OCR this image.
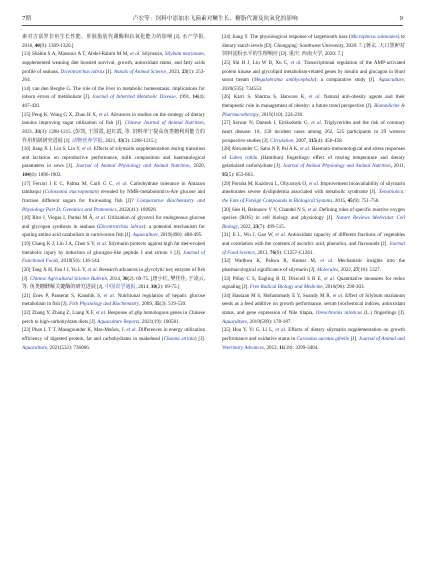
7期	卢宏等：饲料中添加水飞蓟素对鳜生长、糖脂代谢及抗氧化的影响	9

素对吉富罗非鱼生长性能、肝脏脂肪代谢酶和抗氧化能力的影响 [J]. 水产学报, 2016, 40(9): 1309-1320.]

[13] Shahin S A, Mansour A T, Abdel-Rahim M M, et al. Silymarin, Silybum marianum, supplemented weaning diet boosted survival, growth, antioxidant status, and fatty acids profile of seabass, Dicentrarchus labrax [J]. Annals of Animal Science, 2023, 23(1): 253-264.

[14] van den Berghe G. The role of the liver in metabolic homeostasis: implications for inborn errors of metabolism [J]. Journal of Inherited Metabolic Disease, 1991, 14(4): 407-420.

[15] Peng K, Wang G X, Zhao H X, et al. Advances in studies on the strategy of dietary tannins improving sugar utilization of fish [J]. Chinese Journal of Animal Nutrition, 2021, 33(3): 1208-1215. [彭凯, 王国霞, 赵红霞, 等. 饲料单宁提高鱼类糖利用能力的作用机制研究进展 [J]. 动物营养学报, 2021, 33(3): 1208-1215.]

[16] Jiang X J, Lin S, Lin Y, et al. Effects of silymarin supplementation during transition and lactation on reproductive performance, milk composition and haematological parameters in sows [J]. Journal of Animal Physiology and Animal Nutrition, 2020, 104(6): 1896-1903.

[17] Ferrari J E C, Palma M, Carli G C, et al. Carbohydrate tolerance in Amazon tambaqui (Colossoma macropomum) revealed by NMR-metabolomics-Are glucose and fructose different sugars for fruit-eating fish [J]? Comparative Biochemistry and Physiology Part D: Genomics and Proteomics, 2022(41): 100928.

[18] Rito J, Viegas I, Pardal M Â, et al. Utilization of glycerol for endogenous glucose and glycogen synthesis in seabass (Dicentrarchus labrax): a potential mechanism for sparing amino acid catabolism in carnivorous fish [J]. Aquaculture, 2019(498): 488-495.

[19] Chang K J, Lin J A, Chen S Y, et al. Silymarin protects against high fat diet-evoked metabolic injury by induction of glucagon-like peptide 1 and sirtuin 1 [J]. Journal of Functional Foods, 2019(56): 136-144.

[20] Tang X H, Fan J J, Yu L Y, et al. Research advances in glycolytic key enzyme of fish [J]. Chinese Agricultural Science Bulletin, 2014, 30(2): 69-75. [唐小红, 樊佳佳, 于凌云, 等. 鱼类糖酵解关键酶的研究进展 [J]. 中国农学通报, 2014, 30(2): 69-75.]

[21] Enes P, Panserat S, Kaushik S, et al. Nutritional regulation of hepatic glucose metabolism in fish [J]. Fish Physiology and Biochemistry, 2009, 35(3): 519-539.

[22] Zhang Y, Zhang Z, Liang X F, et al. Response of g6p homologous genes in Chinese perch to high-carbohydrate diets [J]. Aquaculture Reports, 2021(19): 100581.

[23] Phan L T T, Masagounder K, Mas-Muñoz, J, et al. Differences in energy utilization efficiency of digested protein, fat and carbohydrates in snakehead (Channa striata) [J]. Aquaculture, 2021(532): 736066.

[24] Jiang Y. The physiological response of largemouth bass (Micropterus salmoides) to dietary starch levels [D]. Chongqing: Southwest University, 2020: 7. [蒋玄. 大口黑鲈对饲料淀粉水平的生理响应 [D]. 重庆: 西南大学, 2020: 7.]

[25] Shi H J, Liu W B, Xu C, et al. Transcriptional regulation of the AMP-activated protein kinase and glycolipid metabolism-related genes by insulin and glucagon in blunt snout bream (Megalobrama amblycephala): a comparative study [J]. Aquaculture, 2020(535): 734553.

[26] Karri S, Sharma S, Hatware K, et al. Natural anti-obesity agents and their therapeutic role in management of obesity: a future trend perspective [J]. Biomedicine & Pharmacotherapy, 2019(110): 224-238.

[27] Sarwar N, Danesh J, Eiriksdottir G, et al. Triglycerides and the risk of coronary heart disease: 10, 158 incident cases among 262, 525 participants in 29 western prospective studies [J]. Circulation, 2007, 115(4): 450-458.

[28] Alexander C, Sahu N P, Pal A K, et al. Haemato-immunological and stress responses of Labeo rohita (Hamilton) fingerlings: effect of rearing temperature and dietary gelatinized carbohydrate [J]. Journal of Animal Physiology and Animal Nutrition, 2011, 95(5): 653-663.

[29] Poruba M, Kazdová L, Oliyarnyk O, et al. Improvement bioavailability of silymarin ameliorates severe dyslipidemia associated with metabolic syndrome [J]. Xenobiotica: the Fate of Foreign Compounds in Biological Systems, 2015, 45(9): 751-756.

[30] Sies H, Belousov V V, Chandel N S, et al. Defining roles of specific reactive oxygen species (ROS) in cell biology and physiology [J]. Nature Reviews Molecular Cell Biology, 2022, 23(7): 499-515.

[31] Ji L, Wu J, Gao W, et al. Antioxidant capacity of different fractions of vegetables and correlation with the contents of ascorbic acid, phenolics, and flavonoids [J]. Journal of Food Science, 2011, 76(9): C1257-C1261.

[32] Wadhwa K, Pahwa R, Kumar M, et al. Mechanistic insights into the pharmacological significance of silymarin [J]. Molecules, 2022, 27(16): 5327.

[33] Pillay C S, Eagling B D, Driscoll S R E, et al. Quantitative measures for redox signaling [J]. Free Radical Biology and Medicine, 2016(96): 290-303.

[34] Hassaan M S, Mohammady E Y, Soaudy M R, et al. Effect of Silybum marianum seeds as a feed additive on growth performance, serum biochemical indices, antioxidant status, and gene expression of Nile tilapia, Oreochromis niloticus (L.) fingerlings [J]. Aquaculture, 2019(509): 178-187.

[35] Hou Y, Yi G, Li L, et al. Effects of dietary silymarin supplementation on growth performance and oxidative status in Carassius auratus gibelio [J]. Journal of Animal and Veterinary Advances, 2012, 11(18): 3399-3404.
